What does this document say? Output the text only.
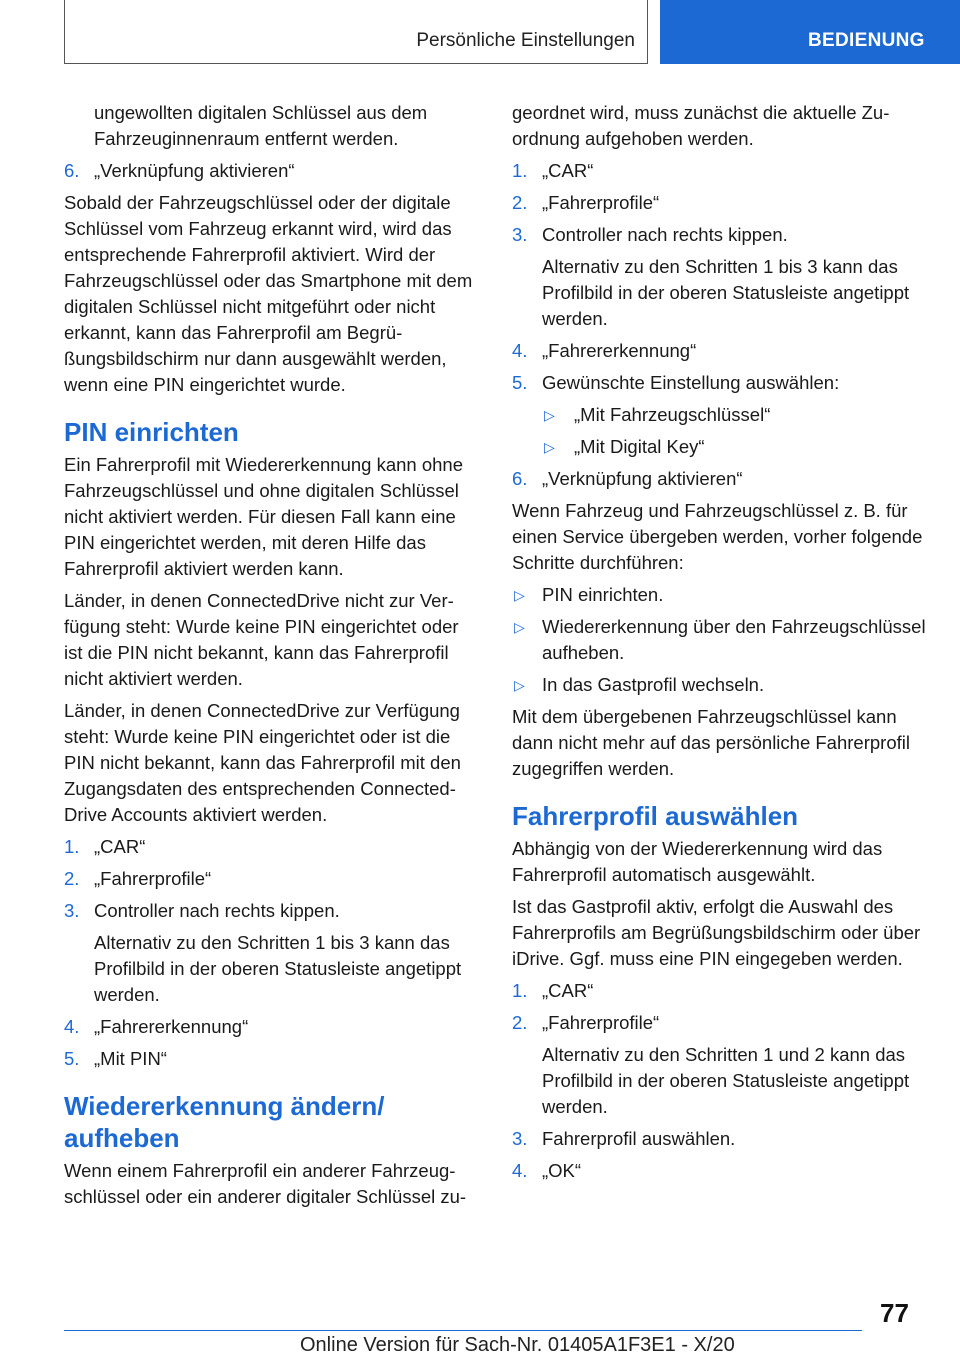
Persönliche Einstellungen	BEDIENUNG

ungewollten digitalen Schlüssel aus dem Fahrzeuginnenraum entfernt werden.

6. „Verknüpfung aktivieren“

Sobald der Fahrzeugschlüssel oder der digitale Schlüssel vom Fahrzeug erkannt wird, wird das entsprechende Fahrerprofil aktiviert. Wird der Fahrzeugschlüssel oder das Smartphone mit dem digitalen Schlüssel nicht mitgeführt oder nicht erkannt, kann das Fahrerprofil am Begrüßungsbildschirm nur dann ausgewählt werden, wenn eine PIN eingerichtet wurde.

PIN einrichten

Ein Fahrerprofil mit Wiedererkennung kann ohne Fahrzeugschlüssel und ohne digitalen Schlüssel nicht aktiviert werden. Für diesen Fall kann eine PIN eingerichtet werden, mit deren Hilfe das Fahrerprofil aktiviert werden kann.

Länder, in denen ConnectedDrive nicht zur Verfügung steht: Wurde keine PIN eingerichtet oder ist die PIN nicht bekannt, kann das Fahrerprofil nicht aktiviert werden.

Länder, in denen ConnectedDrive zur Verfügung steht: Wurde keine PIN eingerichtet oder ist die PIN nicht bekannt, kann das Fahrerprofil mit den Zugangsdaten des entsprechenden ConnectedDrive Accounts aktiviert werden.

1. „CAR“
2. „Fahrerprofile“
3. Controller nach rechts kippen.

Alternativ zu den Schritten 1 bis 3 kann das Profilbild in der oberen Statusleiste angetippt werden.

4. „Fahrererkennung“
5. „Mit PIN“
Wiedererkennung ändern/ aufheben

Wenn einem Fahrerprofil ein anderer Fahrzeugschlüssel oder ein anderer digitaler Schlüssel zu-

geordnet wird, muss zunächst die aktuelle Zuordnung aufgehoben werden.

1. „CAR“
2. „Fahrerprofile“
3. Controller nach rechts kippen.

Alternativ zu den Schritten 1 bis 3 kann das Profilbild in der oberen Statusleiste angetippt werden.

4. „Fahrererkennung“
5. Gewünschte Einstellung auswählen:
▷ „Mit Fahrzeugschlüssel“
▷ „Mit Digital Key“
6. „Verknüpfung aktivieren“

Wenn Fahrzeug und Fahrzeugschlüssel z. B. für einen Service übergeben werden, vorher folgende Schritte durchführen:

▷ PIN einrichten.
▷ Wiedererkennung über den Fahrzeugschlüssel aufheben.
▷ In das Gastprofil wechseln.

Mit dem übergebenen Fahrzeugschlüssel kann dann nicht mehr auf das persönliche Fahrerprofil zugegriffen werden.

Fahrerprofil auswählen

Abhängig von der Wiedererkennung wird das Fahrerprofil automatisch ausgewählt.

Ist das Gastprofil aktiv, erfolgt die Auswahl des Fahrerprofils am Begrüßungsbildschirm oder über iDrive. Ggf. muss eine PIN eingegeben werden.

1. „CAR“
2. „Fahrerprofile“

Alternativ zu den Schritten 1 und 2 kann das Profilbild in der oberen Statusleiste angetippt werden.

3. Fahrerprofil auswählen.
4. „OK“
77
Online Version für Sach-Nr. 01405A1F3E1 - X/20
